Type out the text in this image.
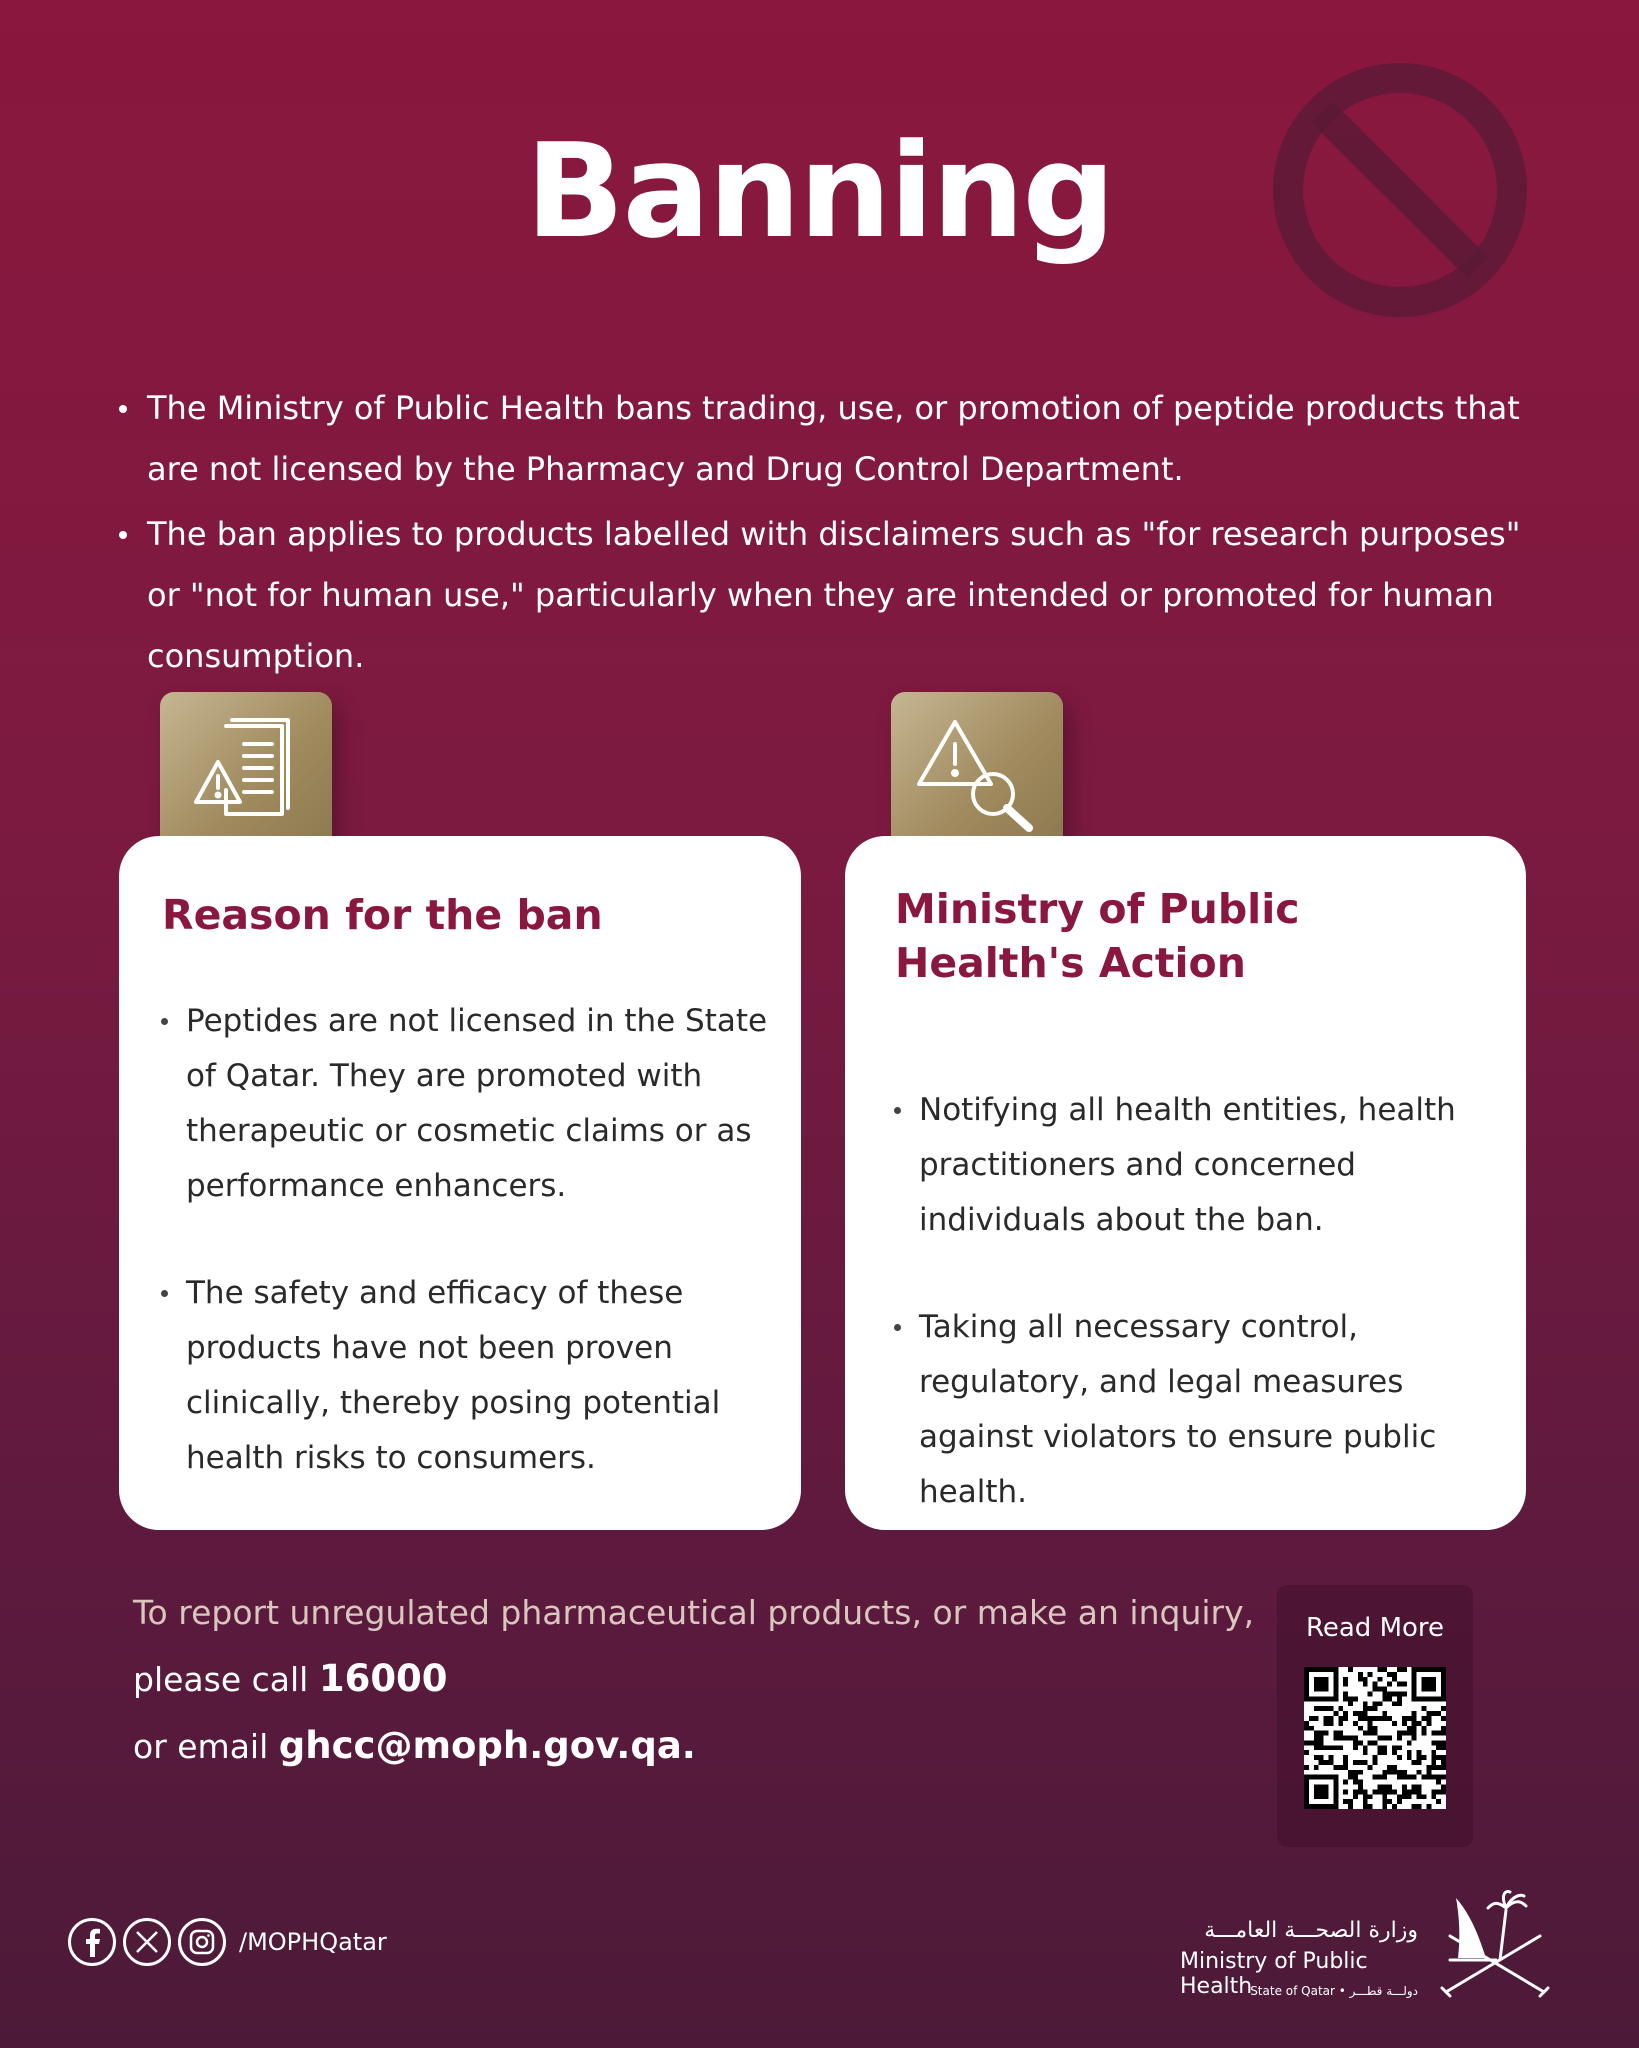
Banning
The Ministry of Public Health bans trading, use, or promotion of peptide products that are not licensed by the Pharmacy and Drug Control Department.
The ban applies to products labelled with disclaimers such as "for research purposes" or "not for human use," particularly when they are intended or promoted for human consumption.
Reason for the ban
Peptides are not licensed in the State of Qatar. They are promoted with therapeutic or cosmetic claims or as performance enhancers.
The safety and efficacy of these products have not been proven clinically, thereby posing potential health risks to consumers.
Ministry of Public Health's Action
Notifying all health entities, health practitioners and concerned individuals about the ban.
Taking all necessary control, regulatory, and legal measures against violators to ensure public health.
To report unregulated pharmaceutical products, or make an inquiry,
please call 16000
or email ghcc@moph.gov.qa.
Read More
/MOPHQatar	وزارة الصحـــة العامـــة
Ministry of Public Health
State of Qatar • دولـــة قطـــر
